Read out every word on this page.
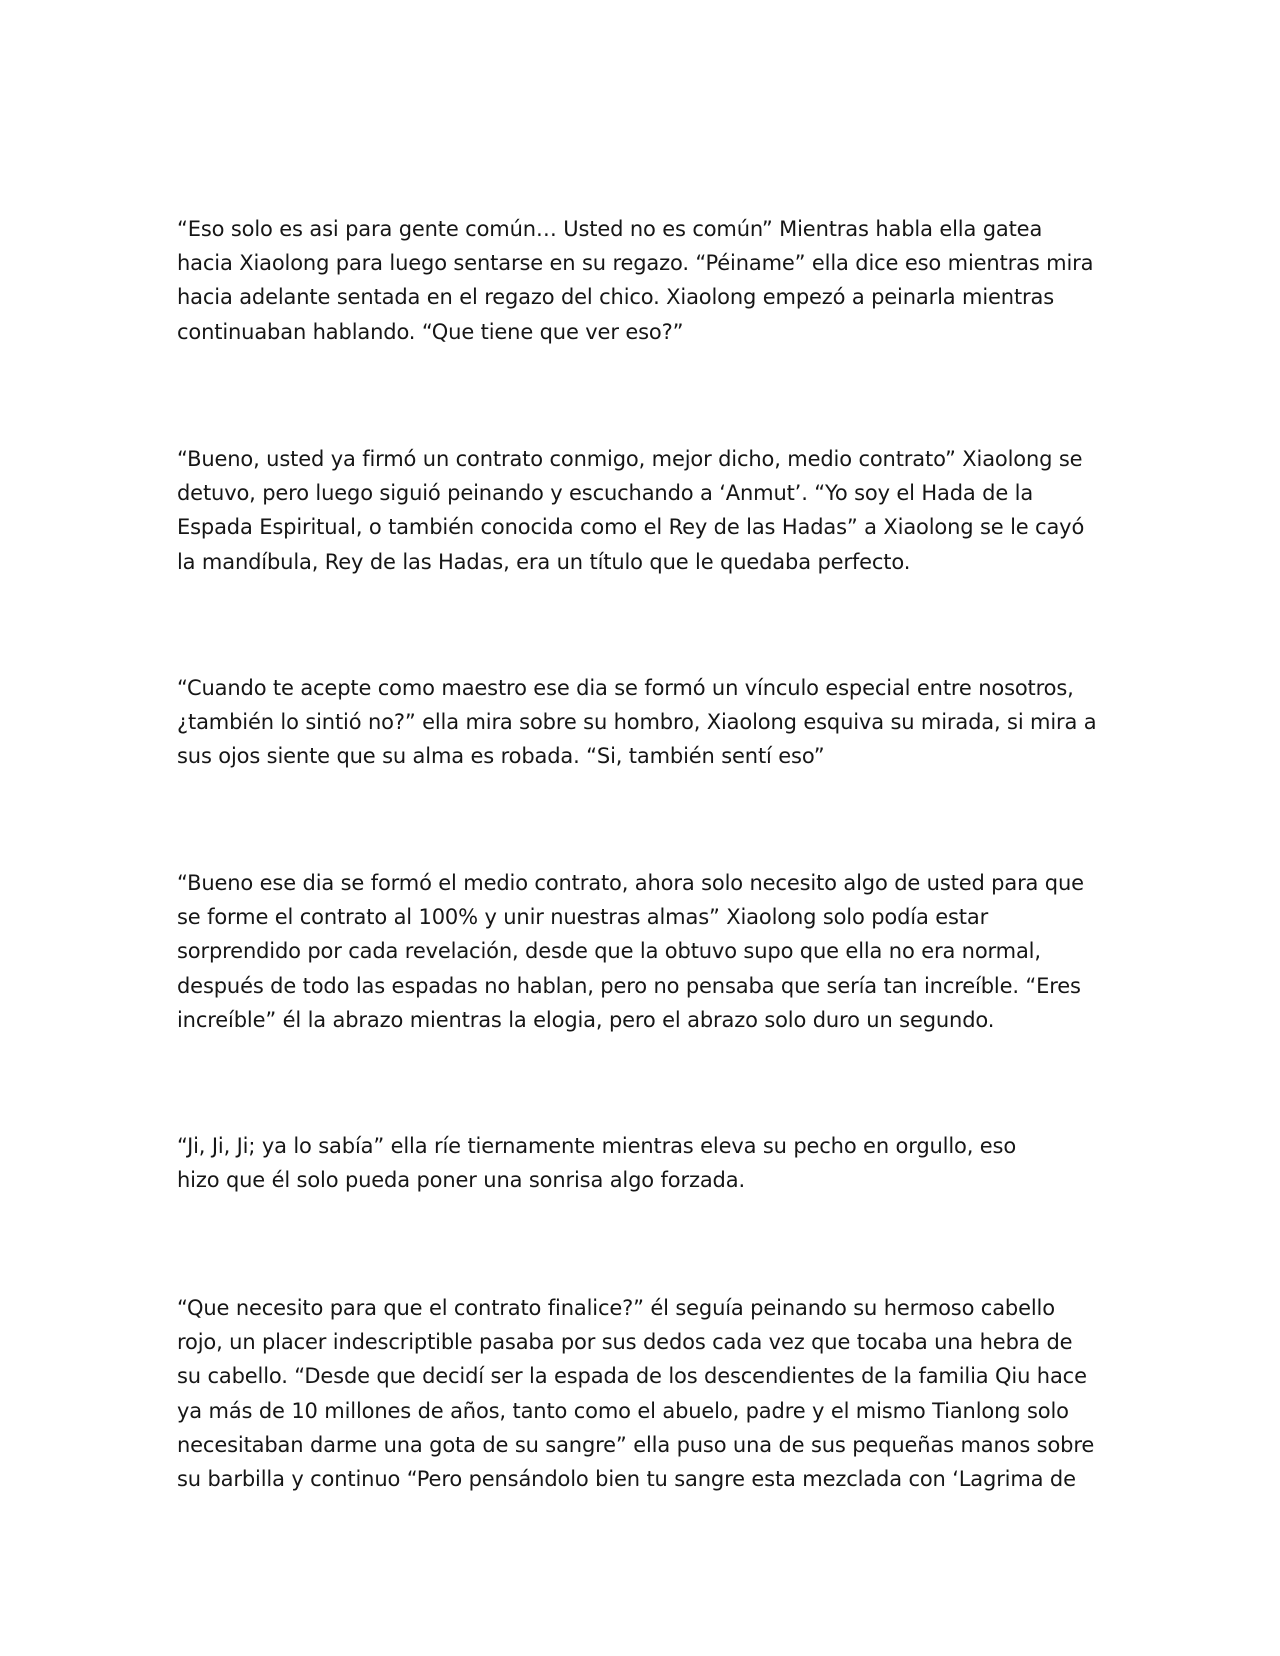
“Eso solo es asi para gente común… Usted no es común” Mientras habla ella gatea
hacia Xiaolong para luego sentarse en su regazo. “Péiname” ella dice eso mientras mira
hacia adelante sentada en el regazo del chico. Xiaolong empezó a peinarla mientras
continuaban hablando. “Que tiene que ver eso?”

“Bueno, usted ya firmó un contrato conmigo, mejor dicho, medio contrato” Xiaolong se
detuvo, pero luego siguió peinando y escuchando a ‘Anmut’. “Yo soy el Hada de la
Espada Espiritual, o también conocida como el Rey de las Hadas” a Xiaolong se le cayó
la mandíbula, Rey de las Hadas, era un título que le quedaba perfecto.

“Cuando te acepte como maestro ese dia se formó un vínculo especial entre nosotros,
¿también lo sintió no?” ella mira sobre su hombro, Xiaolong esquiva su mirada, si mira a
sus ojos siente que su alma es robada. “Si, también sentí eso”

“Bueno ese dia se formó el medio contrato, ahora solo necesito algo de usted para que
se forme el contrato al 100% y unir nuestras almas” Xiaolong solo podía estar
sorprendido por cada revelación, desde que la obtuvo supo que ella no era normal,
después de todo las espadas no hablan, pero no pensaba que sería tan increíble. “Eres
increíble” él la abrazo mientras la elogia, pero el abrazo solo duro un segundo.

“Ji, Ji, Ji; ya lo sabía” ella ríe tiernamente mientras eleva su pecho en orgullo, eso
hizo que él solo pueda poner una sonrisa algo forzada.

“Que necesito para que el contrato finalice?” él seguía peinando su hermoso cabello
rojo, un placer indescriptible pasaba por sus dedos cada vez que tocaba una hebra de
su cabello. “Desde que decidí ser la espada de los descendientes de la familia Qiu hace
ya más de 10 millones de años, tanto como el abuelo, padre y el mismo Tianlong solo
necesitaban darme una gota de su sangre” ella puso una de sus pequeñas manos sobre
su barbilla y continuo “Pero pensándolo bien tu sangre esta mezclada con ‘Lagrima de
